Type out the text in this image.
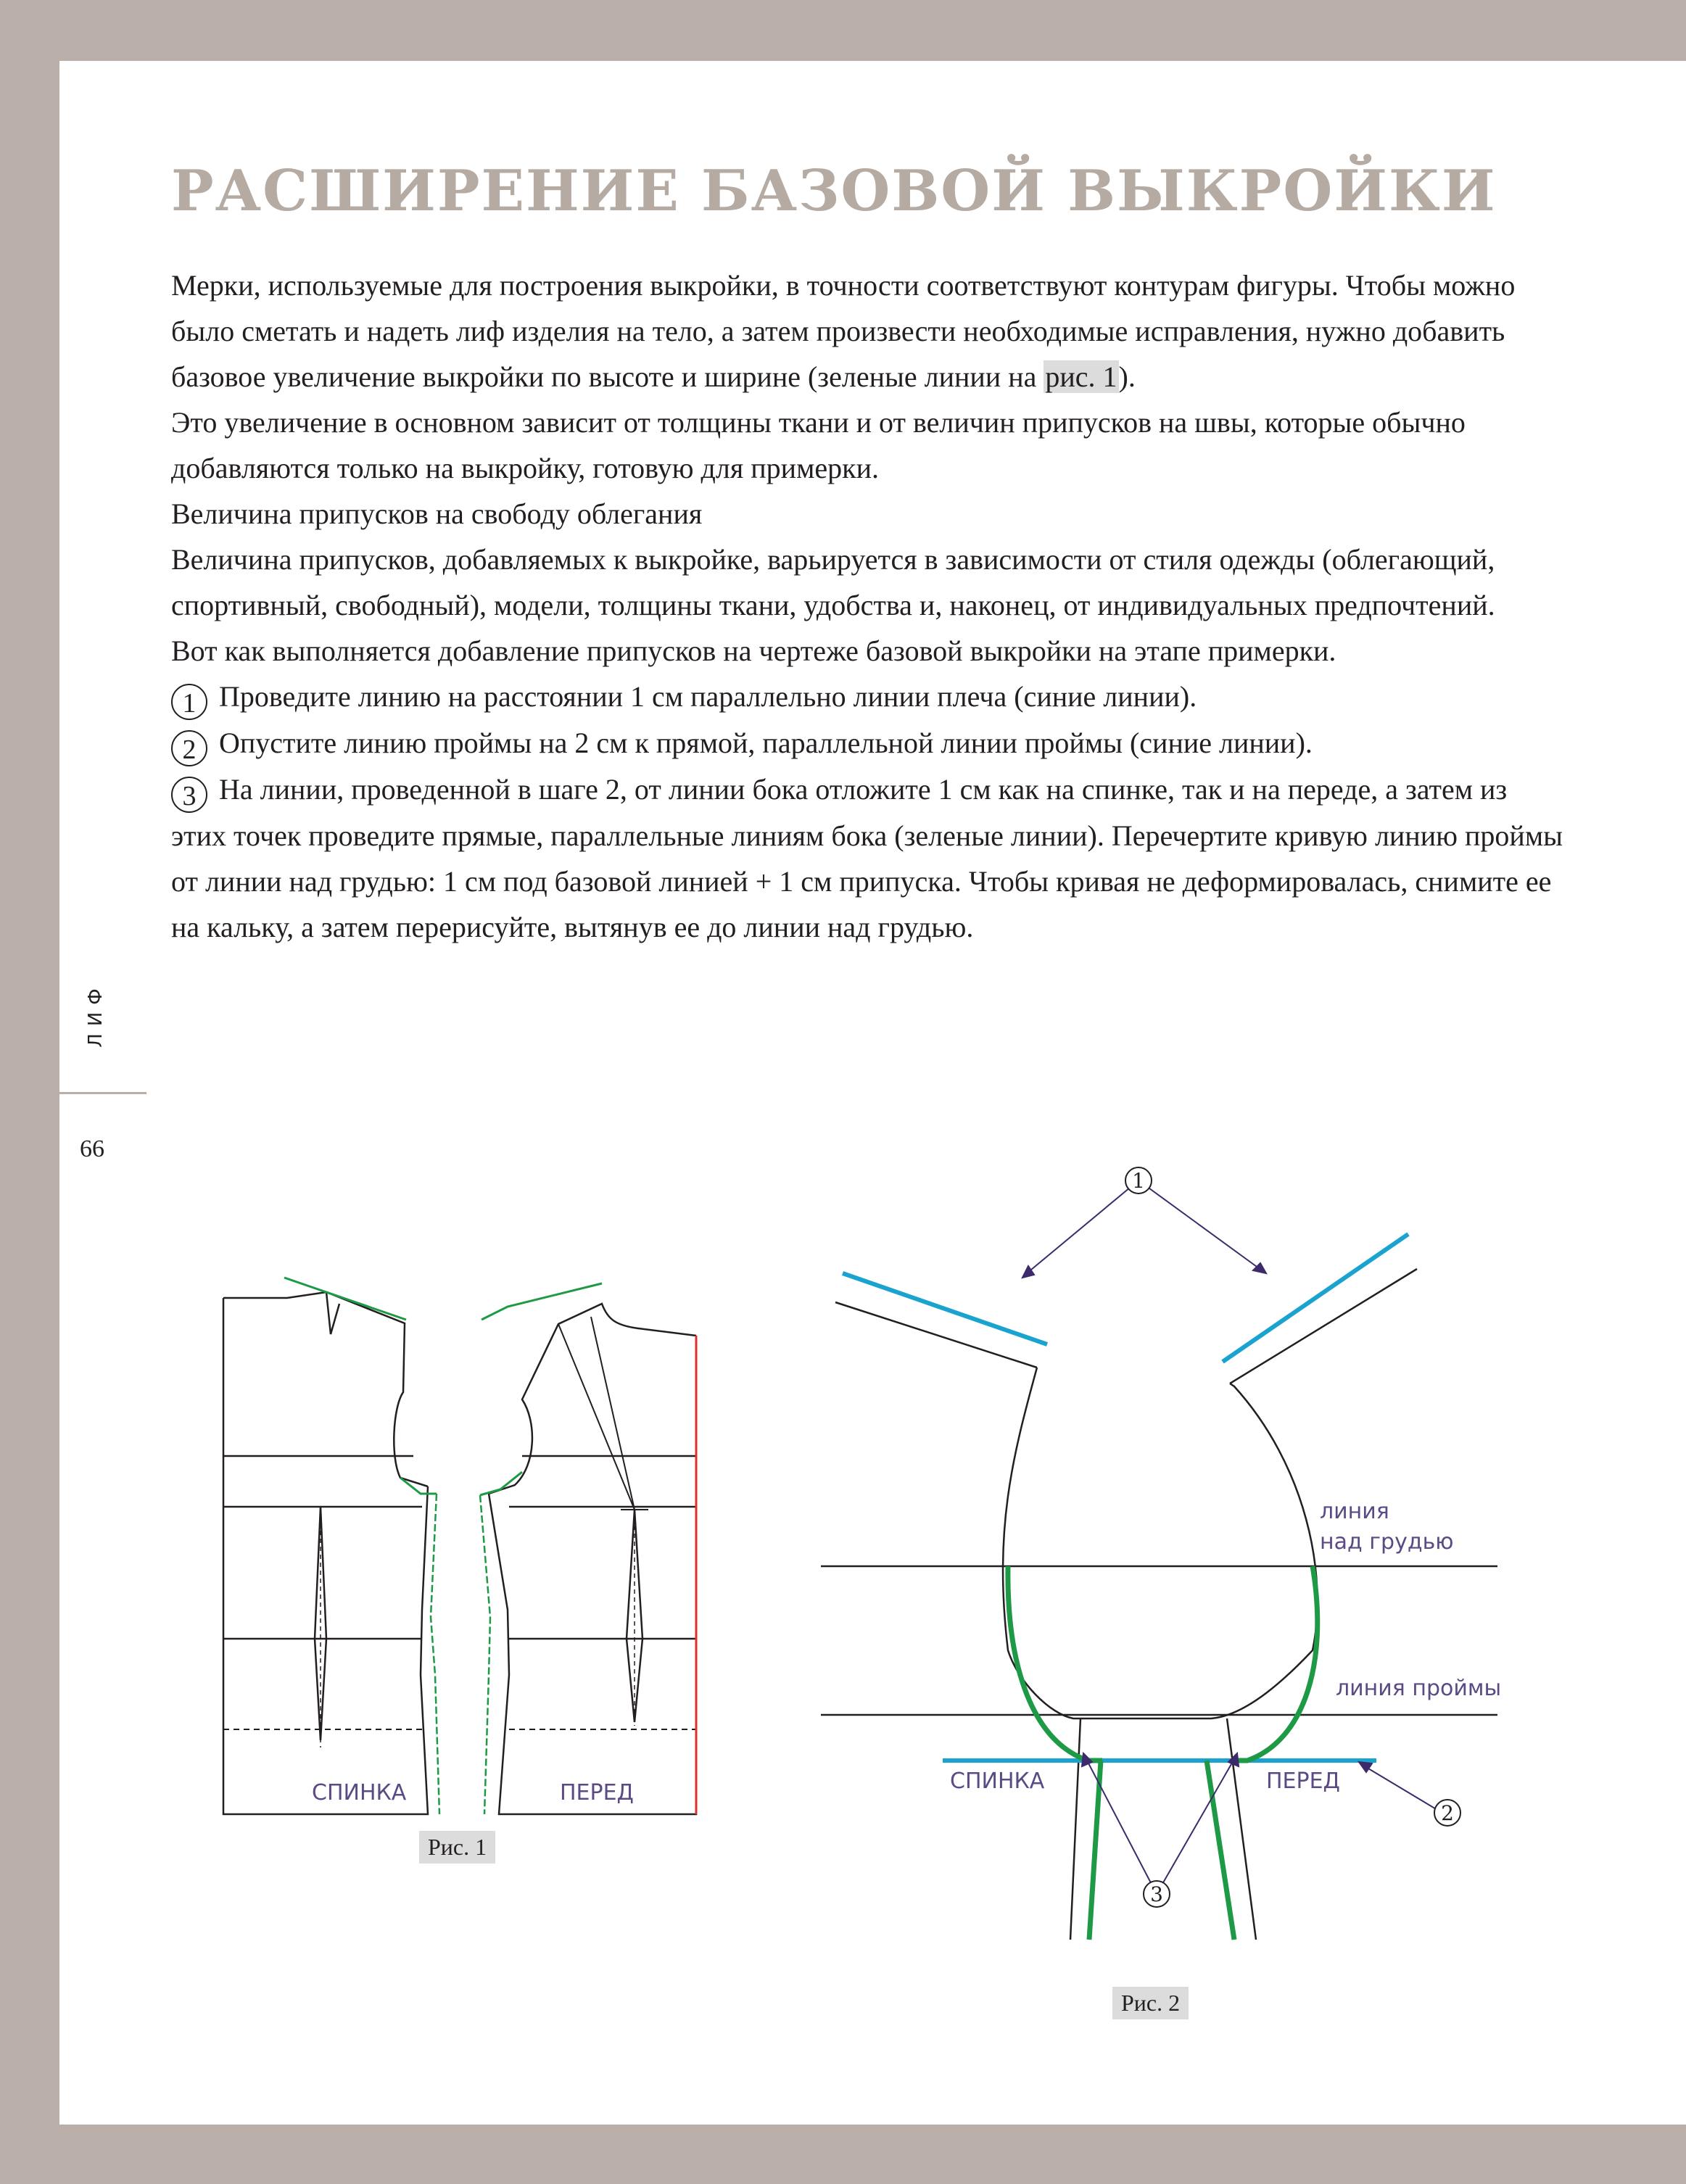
РАСШИРЕНИЕ БАЗОВОЙ ВЫКРОЙКИ

Мерки, используемые для построения выкройки, в точности соответствуют контурам фигуры. Чтобы можно было сметать и надеть лиф изделия на тело, а затем произвести необходимые исправления, нужно добавить базовое увеличение выкройки по высоте и ширине (зеленые линии на рис. 1).

Это увеличение в основном зависит от толщины ткани и от величин припусков на швы, которые обычно добавляются только на выкройку, готовую для примерки.

Величина припусков на свободу облегания

Величина припусков, добавляемых к выкройке, варьируется в зависимости от стиля одежды (облегающий, спортивный, свободный), модели, толщины ткани, удобства и, наконец, от индивидуальных предпочтений.

Вот как выполняется добавление припусков на чертеже базовой выкройки на этапе примерки.

1 Проведите линию на расстоянии 1 см параллельно линии плеча (синие линии).

2 Опустите линию проймы на 2 см к прямой, параллельной линии проймы (синие линии).

3 На линии, проведенной в шаге 2, от линии бока отложите 1 см как на спинке, так и на переде, а затем из этих точек проведите прямые, параллельные линиям бока (зеленые линии). Перечертите кривую линию проймы от линии над грудью: 1 см под базовой линией + 1 см припуска. Чтобы кривая не деформировалась, снимите ее на кальку, а затем перерисуйте, вытянув ее до линии над грудью.

ЛИФ
66
СПИНКА	ПЕРЕД
Рис. 1
1
2
3
линия
над грудью
линия проймы
СПИНКА	ПЕРЕД
Рис. 2
